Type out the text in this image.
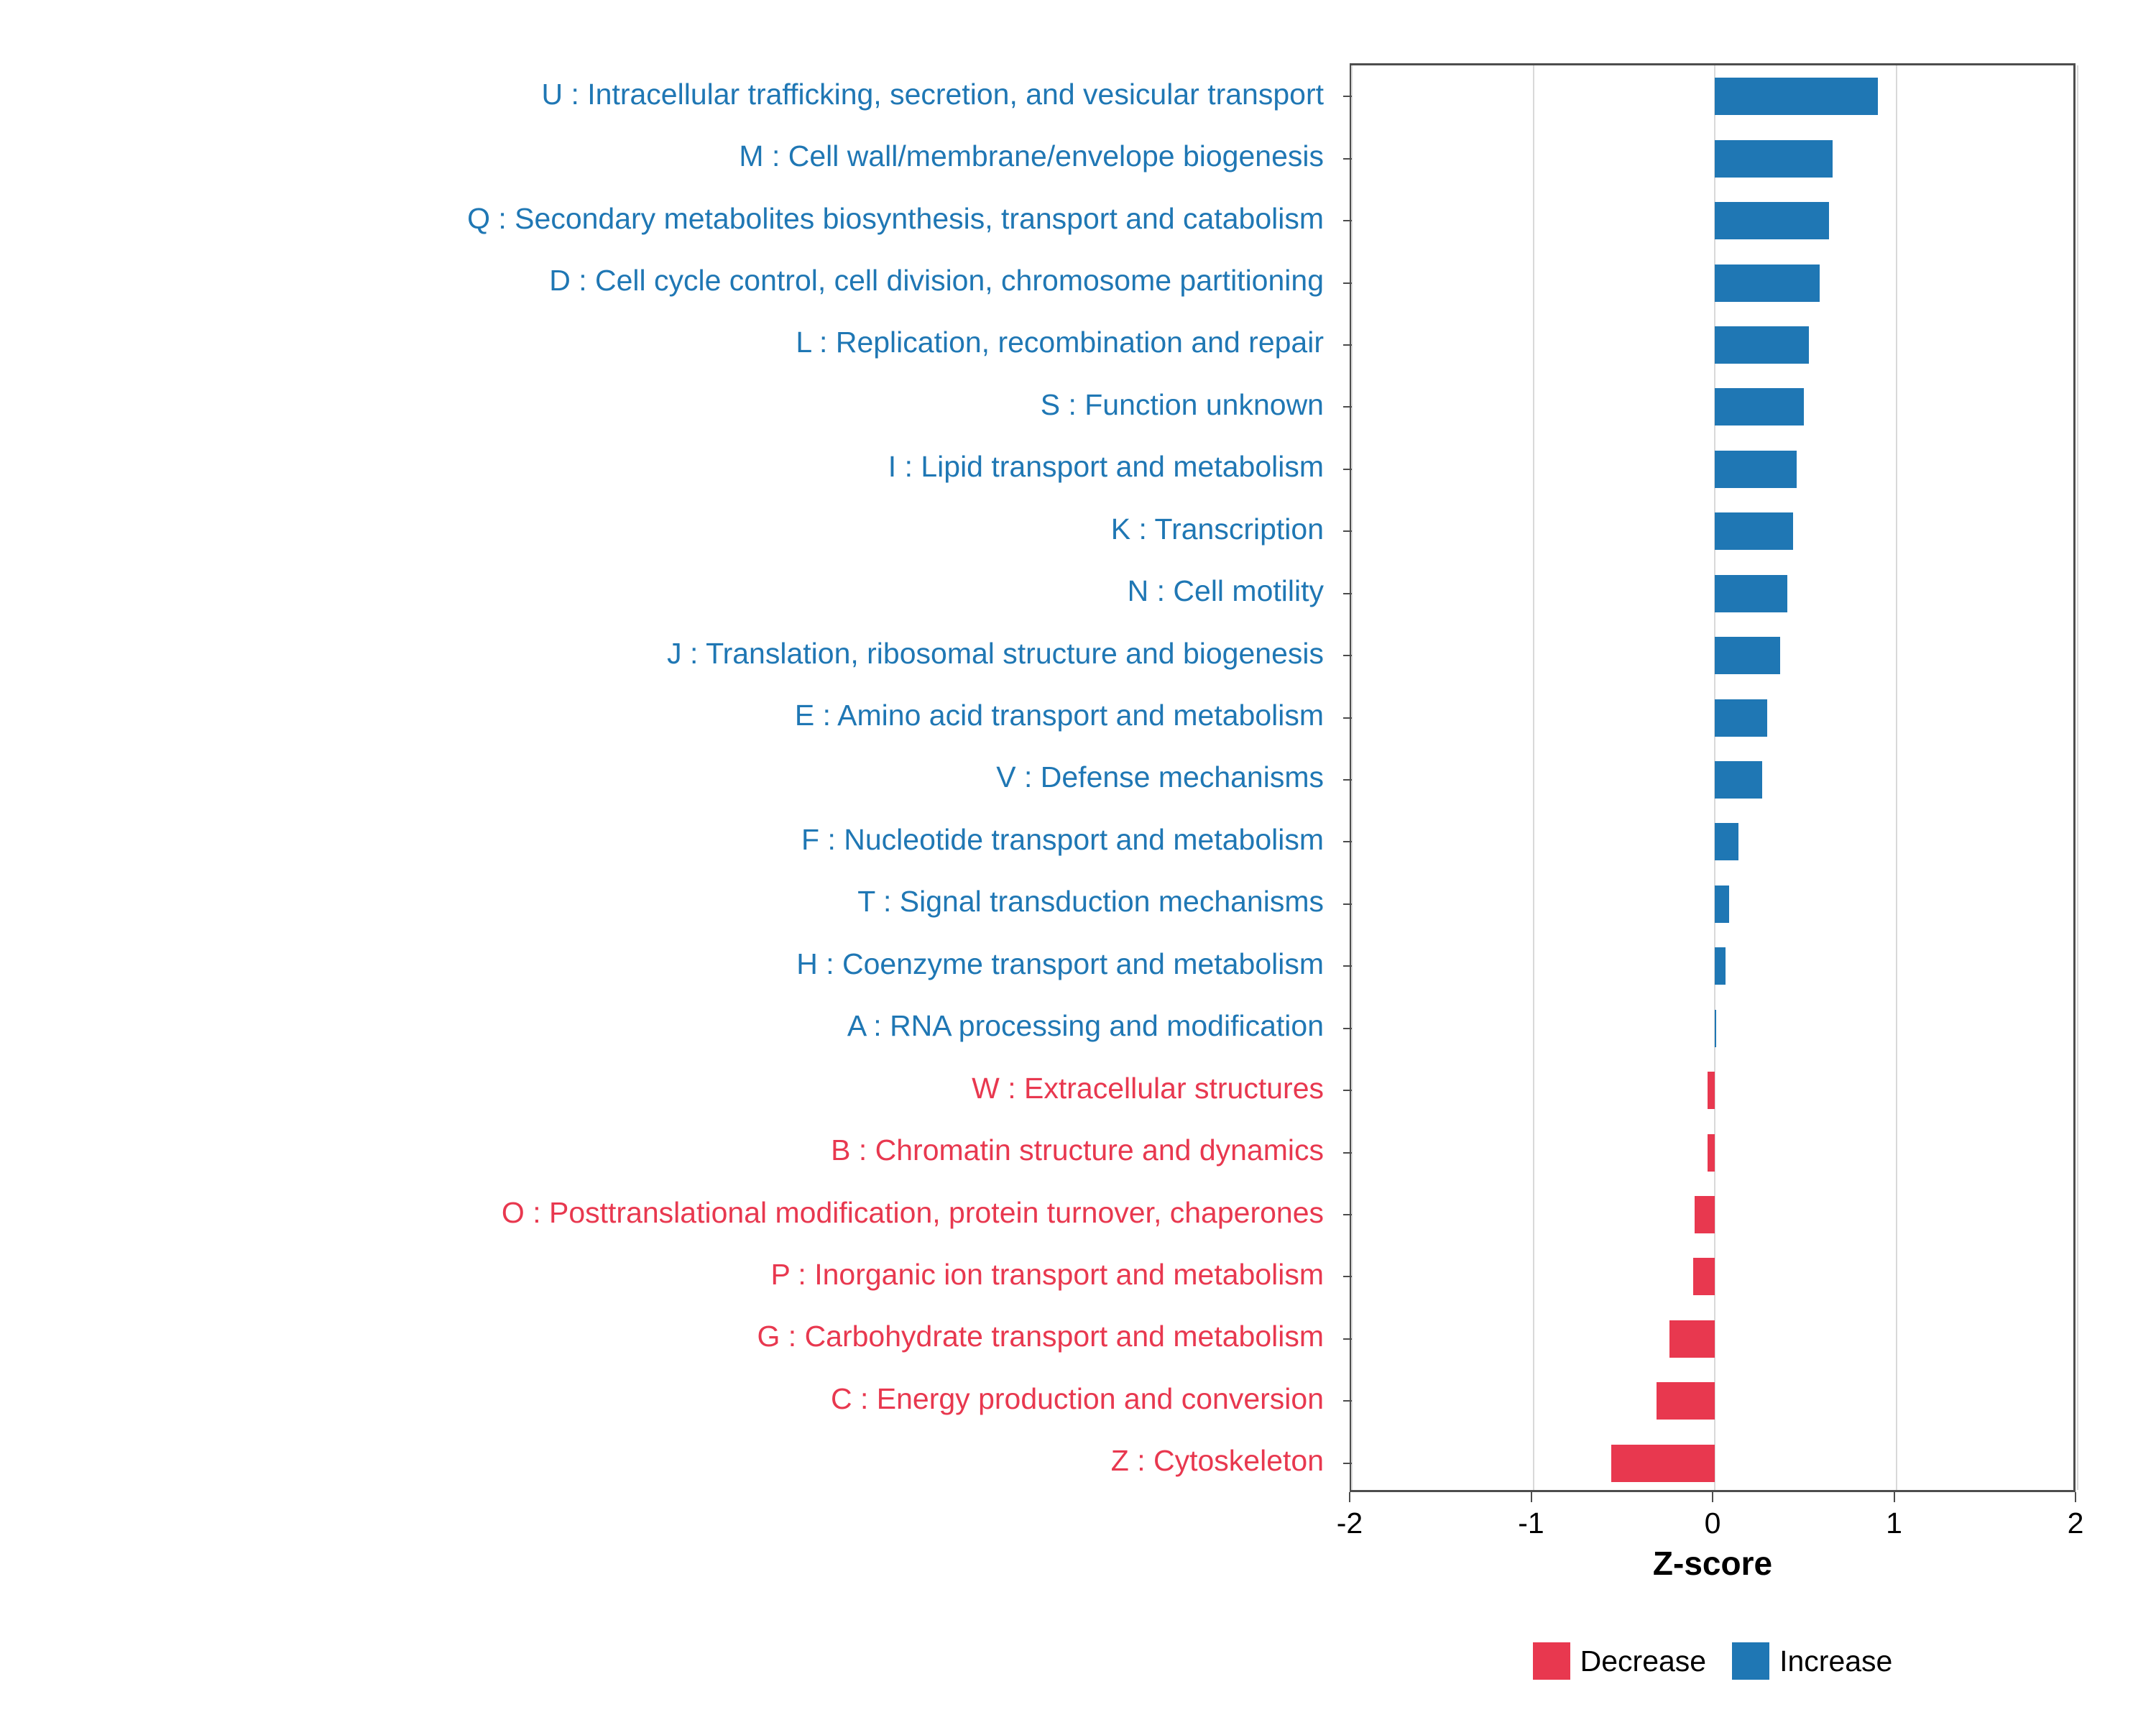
U : Intracellular trafficking, secretion, and vesicular transport
M : Cell wall/membrane/envelope biogenesis
Q : Secondary metabolites biosynthesis, transport and catabolism
D : Cell cycle control, cell division, chromosome partitioning
L : Replication, recombination and repair
S : Function unknown
I : Lipid transport and metabolism
K : Transcription
N : Cell motility
J : Translation, ribosomal structure and biogenesis
E : Amino acid transport and metabolism
V : Defense mechanisms
F : Nucleotide transport and metabolism
T : Signal transduction mechanisms
H : Coenzyme transport and metabolism
A : RNA processing and modification
W : Extracellular structures
B : Chromatin structure and dynamics
O : Posttranslational modification, protein turnover, chaperones
P : Inorganic ion transport and metabolism
G : Carbohydrate transport and metabolism
C : Energy production and conversion
Z : Cytoskeleton
-2	-1	0	1	2
Z-score
Decrease Increase
